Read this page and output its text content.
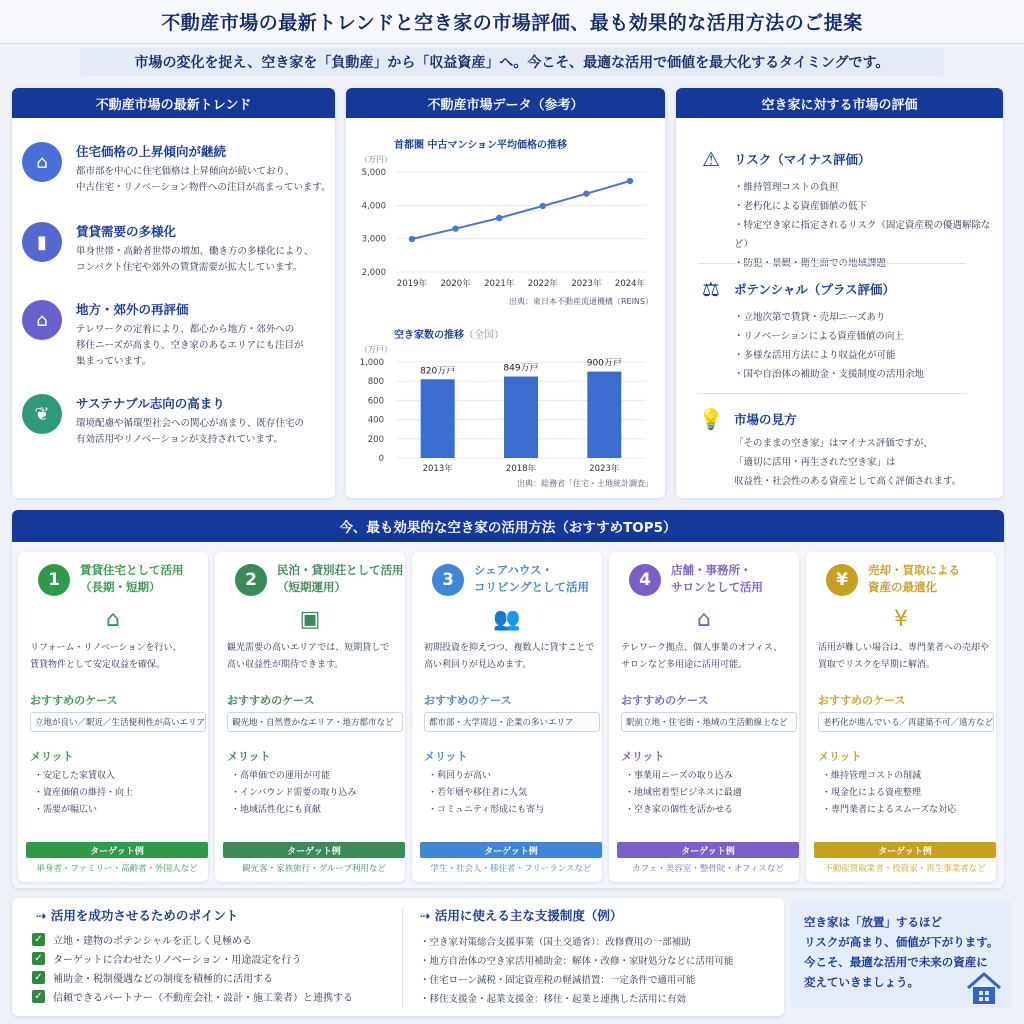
不動産市場の最新トレンドと空き家の市場評価、最も効果的な活用方法のご提案
市場の変化を捉え、空き家を「負動産」から「収益資産」へ。今こそ、最適な活用で価値を最大化するタイミングです。
不動産市場の最新トレンド
⌂	住宅価格の上昇傾向が継続
都市部を中心に住宅価格は上昇傾向が続いており、
中古住宅・リノベーション物件への注目が高まっています。
▮	賃貸需要の多様化
単身世帯・高齢者世帯の増加、働き方の多様化により、
コンパクト住宅や郊外の賃貸需要が拡大しています。
⌂	地方・郊外の再評価
テレワークの定着により、都心から地方・郊外への
移住ニーズが高まり、空き家のあるエリアにも注目が
集まっています。
❦	サステナブル志向の高まり
環境配慮や循環型社会への関心が高まり、既存住宅の
有効活用やリノベーションが支持されています。
不動産市場データ（参考）
首都圏 中古マンション平均価格の推移
（万円）
2,000
3,000
4,000
5,000
2019年 2020年 2021年 2022年 2023年 2024年
出典：東日本不動産流通機構（REINS）
空き家数の推移（全国）
（万戸）
0
200
400
600
800
1,000
820万戸
2013年
849万戸
2018年
900万戸
2023年
出典：総務省「住宅・土地統計調査」
空き家に対する市場の評価
⚠	リスク（マイナス評価）
・ 維持管理コストの負担
・ 老朽化による資産価値の低下
・ 特定空き家に指定されるリスク（固定資産税の優遇解除など）
・
⚖	ポテンシャル（プラス評価）
・ 立地次第で賃貸・売却ニーズあり
・ リノベーションによる資産価値の向上
・ 多様な活用方法により収益化が可能
・ 国や自治体の補助金・支援制度の活用余地
💡 市場の見方
「そのままの空き家」はマイナス評価ですが、
「適切に活用・再生された空き家」は
収益性・社会性のある資産として高く評価されます。
今、最も効果的な空き家の活用方法（おすすめTOP5）
1	賃貸住宅として活用
（長期・短期）
⌂
リフォーム・リノベーションを行い、
賃貸物件として安定収益を確保。
おすすめのケース
立地が良い／駅近／生活便利性が高いエリア
メリット
・ 安定した家賃収入
・ 資産価値の維持・向上
・ 需要が幅広い
ターゲット例
単身者・ファミリー・高齢者・外国人など
2	民泊・貸別荘として活用
（短期運用）
▣
観光需要の高いエリアでは、短期貸しで
高い収益性が期待できます。
おすすめのケース
観光地・自然豊かなエリア・地方都市など
メリット
・ 高単価での運用が可能
・ インバウンド需要の取り込み
・ 地域活性化にも貢献
ターゲット例
観光客・家族旅行・グループ利用など
3	シェアハウス・
コリビングとして活用
👥
初期投資を抑えつつ、複数人に貸すことで
高い利回りが見込めます。
おすすめのケース
都市部・大学周辺・企業の多いエリア
メリット
・ 利回りが高い
・ 若年層や移住者に人気
・ コミュニティ形成にも寄与
ターゲット例
学生・社会人・移住者・フリーランスなど
4	店舗・事務所・
サロンとして活用
⌂
テレワーク拠点、個人事業のオフィス、
サロンなど多用途に活用可能。
おすすめのケース
駅前立地・住宅街・地域の生活動線上など
メリット
・ 事業用ニーズの取り込み
・ 地域密着型ビジネスに最適
・ 空き家の個性を活かせる
ターゲット例
カフェ・美容室・整骨院・オフィスなど
¥	売却・買取による
資産の最適化
¥
活用が難しい場合は、専門業者への売却や
買取でリスクを早期に解消。
おすすめのケース
老朽化が進んでいる／再建築不可／遠方など
メリット
・ 維持管理コストの削減
・ 現金化による資産整理
・ 専門業者によるスムーズな対応
ターゲット例
不動産買取業者・投資家・再生事業者など
⇢ 活用を成功させるためのポイント
✓ 立地・建物のポテンシャルを正しく見極める
✓ ターゲットに合わせたリノベーション・用途設定を行う
✓ 補助金・税制優遇などの制度を積極的に活用する
✓ 信頼できるパートナー（不動産会社・設計・施工業者）と連携する
⇢ 活用に使える主な支援制度（例）
・ 空き家対策総合支援事業（国土交通省）：改修費用の一部補助
・ 地方自治体の空き家活用補助金：解体・改修・家財処分などに活用可能
・ 住宅ローン減税・固定資産税の軽減措置：一定条件で適用可能
・ 移住支援金・起業支援金：移住・起業と連携した活用に有効
空き家は「放置」するほど
リスクが高まり、価値が下がります。
今こそ、最適な活用で未来の資産に
変えていきましょう。
